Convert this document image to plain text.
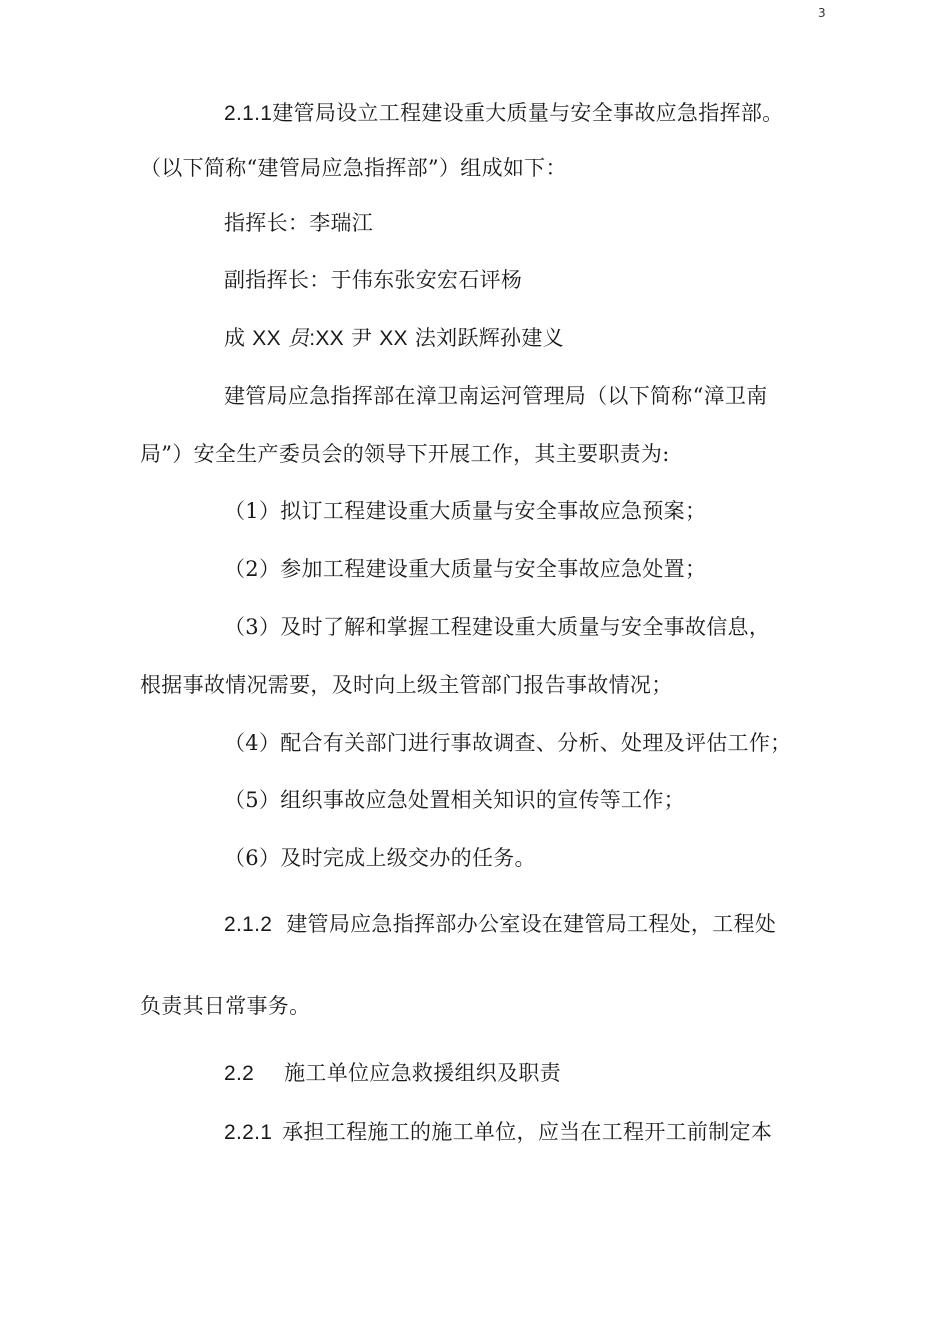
3
2.1.1建管局设立工程建设重大质量与安全事故应急指挥部。
（以下简称“建管局应急指挥部”）组成如下：
指挥长：李瑞江
副指挥长：于伟东张安宏石评杨
成 XX 员:XX 尹 XX 法刘跃辉孙建义
建管局应急指挥部在漳卫南运河管理局（以下简称“漳卫南
局”）安全生产委员会的领导下开展工作，其主要职责为:
（1）拟订工程建设重大质量与安全事故应急预案；
（2）参加工程建设重大质量与安全事故应急处置；
（3）及时了解和掌握工程建设重大质量与安全事故信息，
根据事故情况需要，及时向上级主管部门报告事故情况；
（4）配合有关部门进行事故调查、分析、处理及评估工作；
（5）组织事故应急处置相关知识的宣传等工作；
（6）及时完成上级交办的任务。
2.1.2 建管局应急指挥部办公室设在建管局工程处，工程处
负责其日常事务。
2.2 施工单位应急救援组织及职责
2.2.1 承担工程施工的施工单位，应当在工程开工前制定本
